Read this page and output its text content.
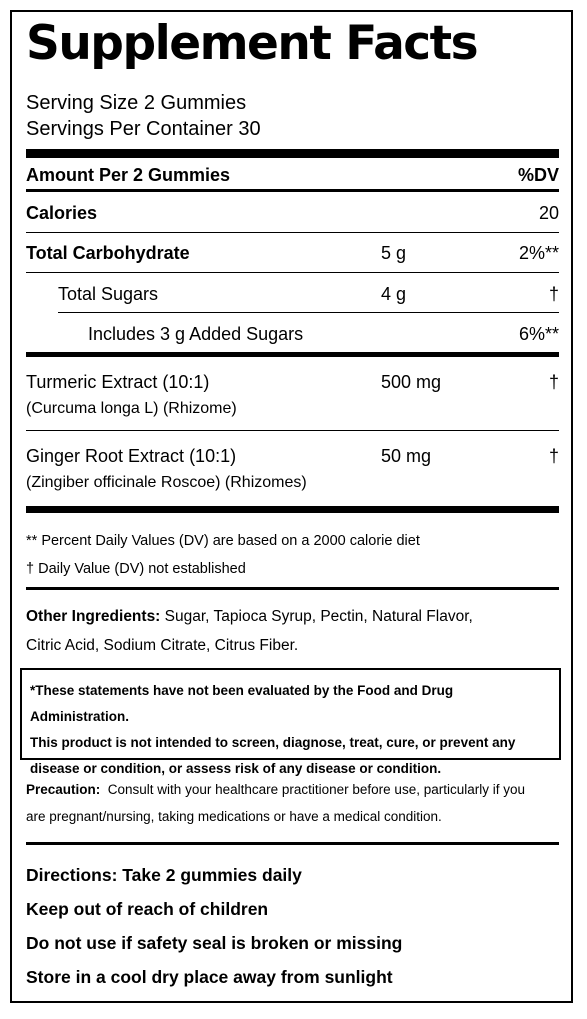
Supplement Facts
Serving Size 2 Gummies
Servings Per Container 30
Amount Per 2 Gummies	%DV
Calories	20
Total Carbohydrate	5 g	2%**
Total Sugars	4 g	†
Includes 3 g Added Sugars	6%**
Turmeric Extract (10:1)	500 mg	†
(Curcuma longa L) (Rhizome)
Ginger Root Extract (10:1)	50 mg	†
(Zingiber officinale Roscoe) (Rhizomes)
** Percent Daily Values (DV) are based on a 2000 calorie diet
† Daily Value (DV) not established
Other Ingredients: Sugar, Tapioca Syrup, Pectin, Natural Flavor,
Citric Acid, Sodium Citrate, Citrus Fiber.
*These statements have not been evaluated by the Food and Drug Administration.
This product is not intended to screen, diagnose, treat, cure, or prevent any
disease or condition, or assess risk of any disease or condition.
Precaution: Consult with your healthcare practitioner before use, particularly if you
are pregnant/nursing, taking medications or have a medical condition.
Directions: Take 2 gummies daily
Keep out of reach of children
Do not use if safety seal is broken or missing
Store in a cool dry place away from sunlight
